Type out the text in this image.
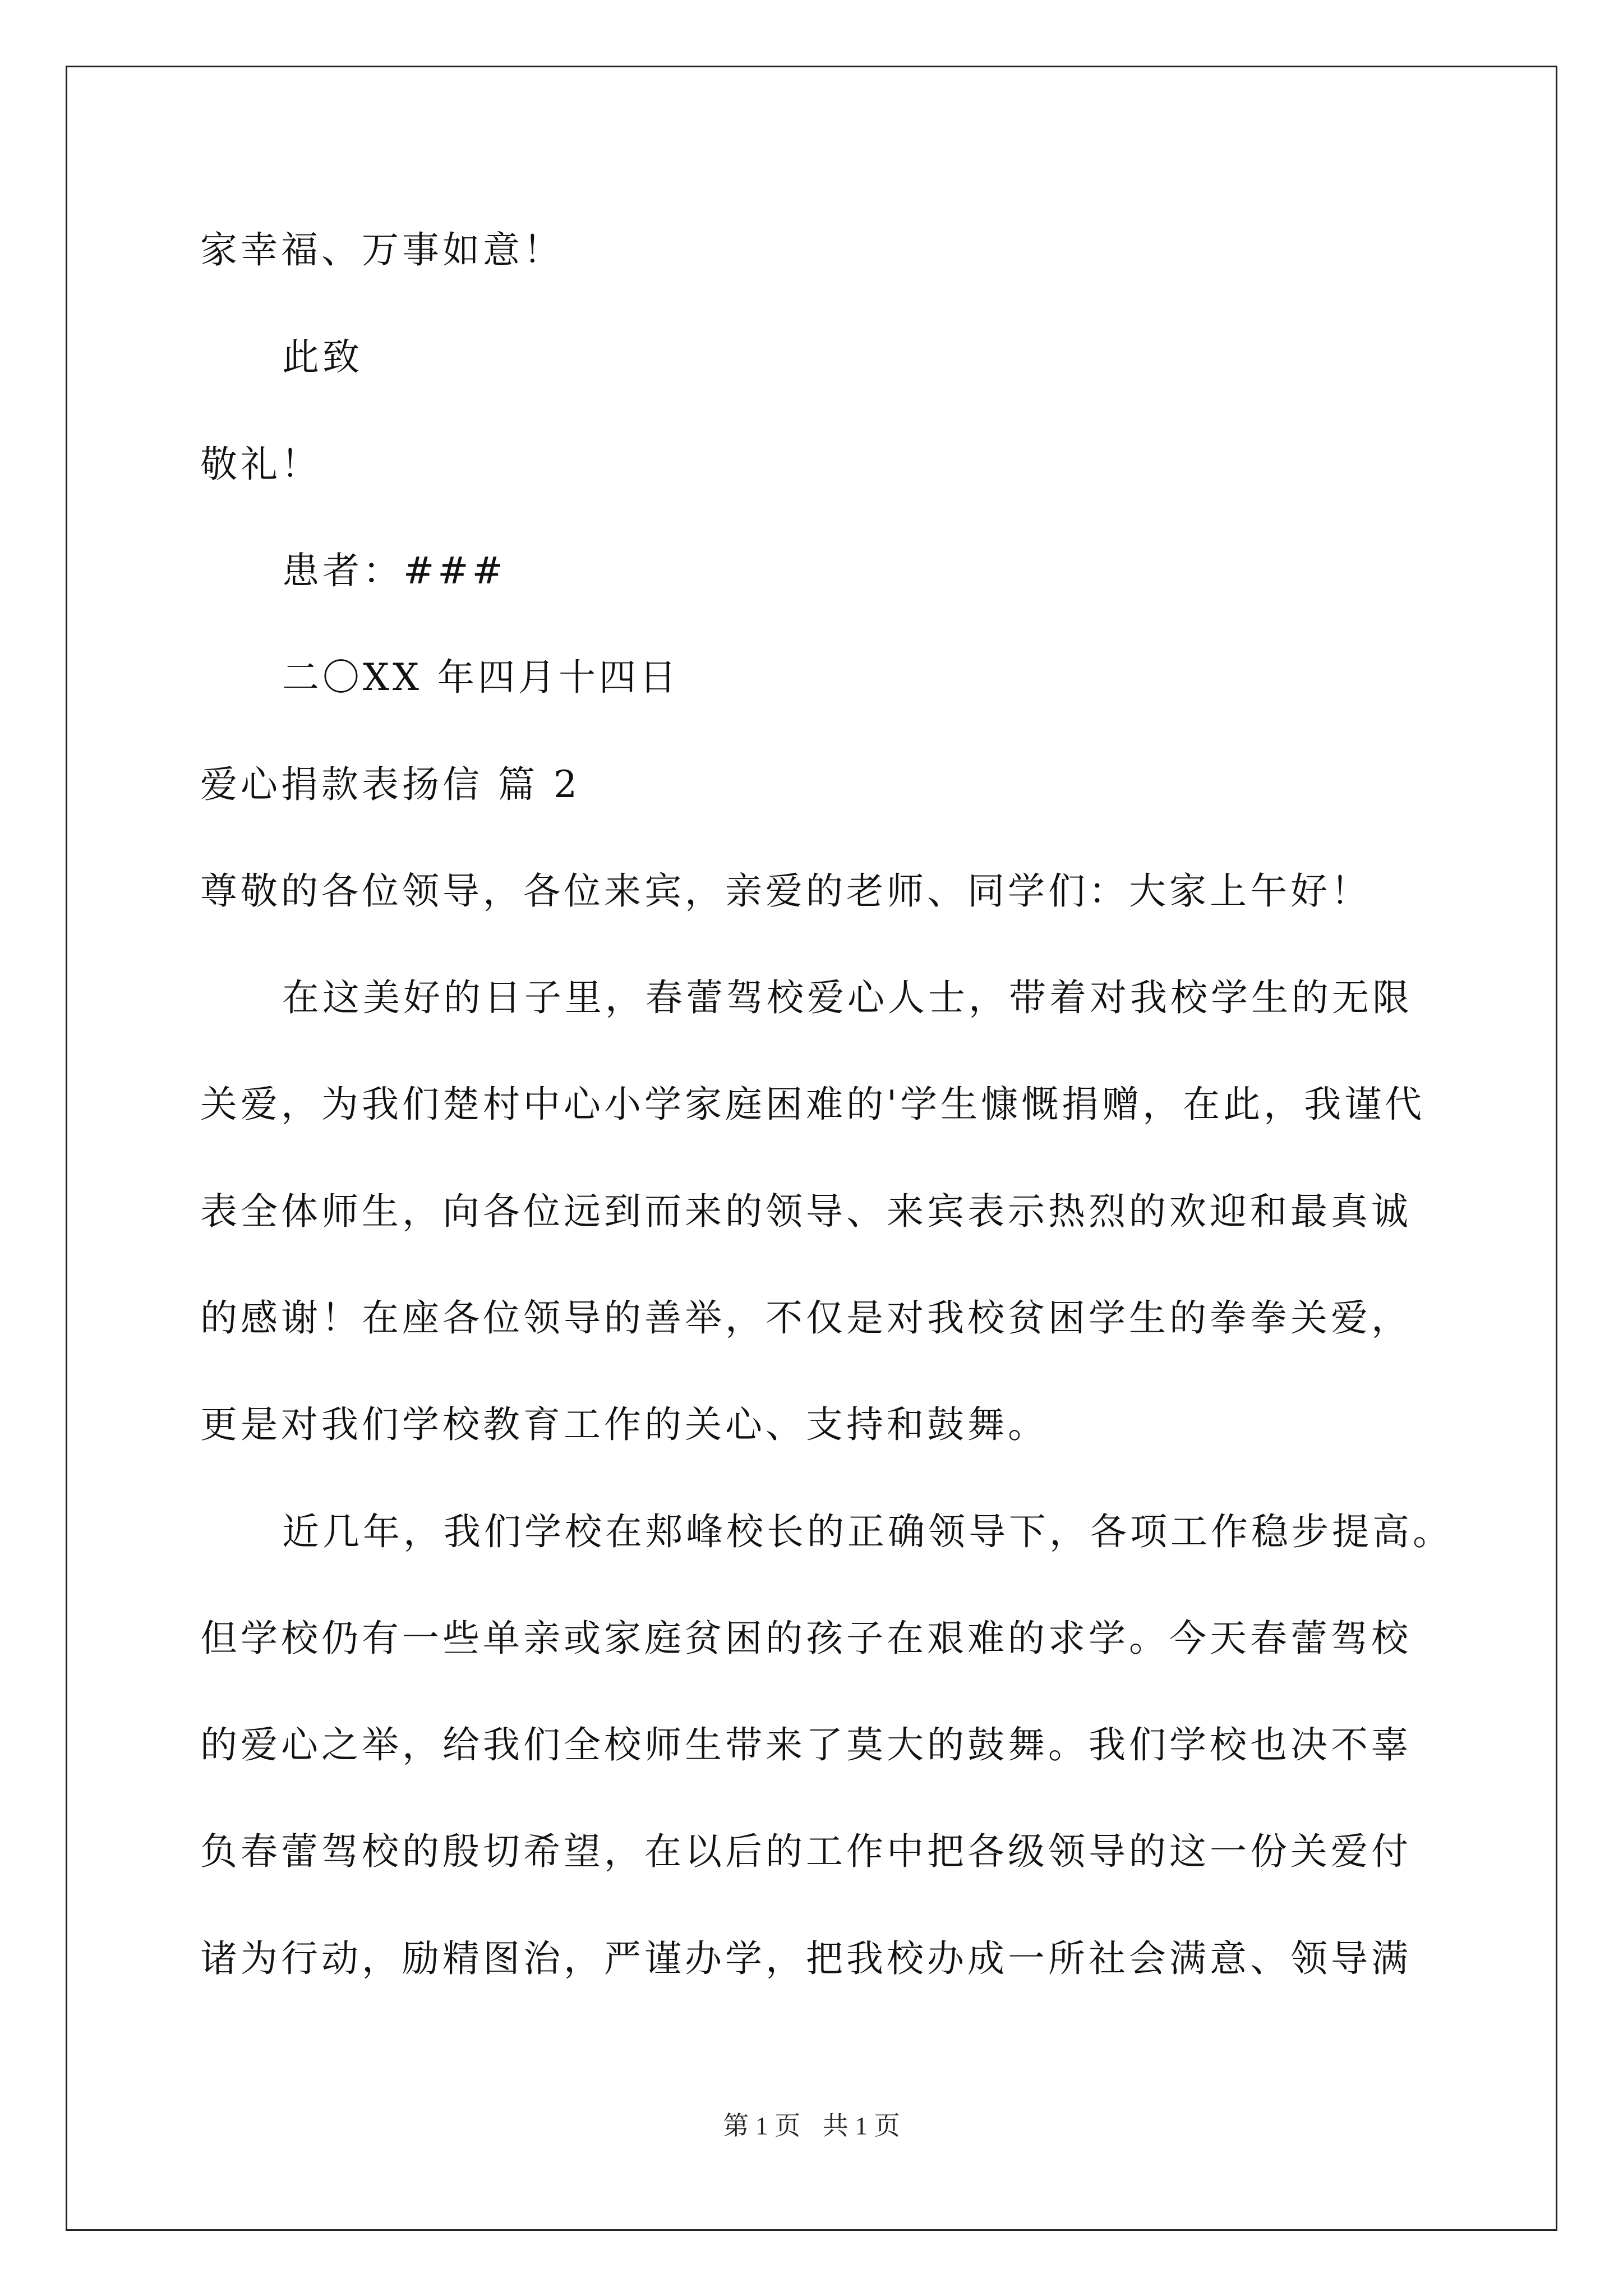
家幸福、万事如意！
此致
敬礼！
患者：###
二〇XX 年四月十四日
爱心捐款表扬信 篇 2
尊敬的各位领导，各位来宾，亲爱的老师、同学们：大家上午好！
在这美好的日子里，春蕾驾校爱心人士，带着对我校学生的无限
关爱，为我们楚村中心小学家庭困难的'学生慷慨捐赠，在此，我谨代
表全体师生，向各位远到而来的领导、来宾表示热烈的欢迎和最真诚
的感谢！在座各位领导的善举，不仅是对我校贫困学生的拳拳关爱，
更是对我们学校教育工作的关心、支持和鼓舞。
近几年，我们学校在郏峰校长的正确领导下，各项工作稳步提高。
但学校仍有一些单亲或家庭贫困的孩子在艰难的求学。今天春蕾驾校
的爱心之举，给我们全校师生带来了莫大的鼓舞。我们学校也决不辜
负春蕾驾校的殷切希望，在以后的工作中把各级领导的这一份关爱付
诸为行动，励精图治，严谨办学，把我校办成一所社会满意、领导满
第 1 页 共 1 页
